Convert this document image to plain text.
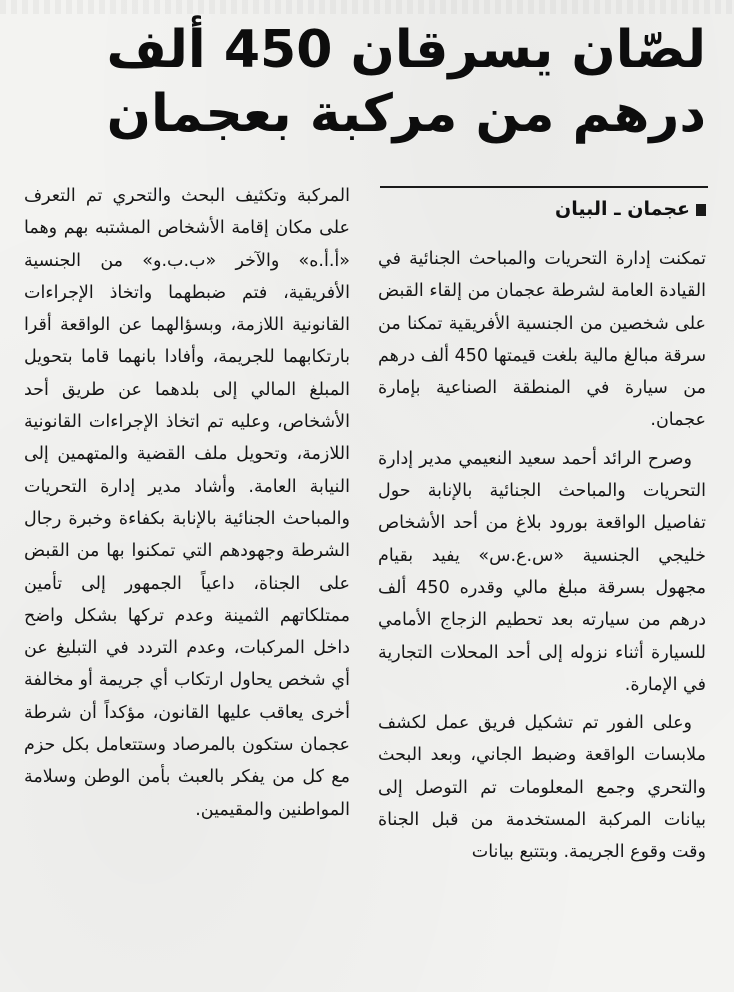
لصّان يسرقان 450 ألف
درهم من مركبة بعجمان
عجمان ـ البيان

تمكنت إدارة التحريات والمباحث الجنائية في القيادة العامة لشرطة عجمان من إلقاء القبض على شخصين من الجنسية الأفريقية تمكنا من سرقة مبالغ مالية بلغت قيمتها 450 ألف درهم من سيارة في المنطقة الصناعية بإمارة عجمان.

وصرح الرائد أحمد سعيد النعيمي مدير إدارة التحريات والمباحث الجنائية بالإنابة حول تفاصيل الواقعة بورود بلاغ من أحد الأشخاص خليجي الجنسية «س.ع.س» يفيد بقيام مجهول بسرقة مبلغ مالي وقدره 450 ألف درهم من سيارته بعد تحطيم الزجاج الأمامي للسيارة أثناء نزوله إلى أحد المحلات التجارية في الإمارة.

وعلى الفور تم تشكيل فريق عمل لكشف ملابسات الواقعة وضبط الجاني، وبعد البحث والتحري وجمع المعلومات تم التوصل إلى بيانات المركبة المستخدمة من قبل الجناة وقت وقوع الجريمة. وبتتبع بيانات

المركبة وتكثيف البحث والتحري تم التعرف على مكان إقامة الأشخاص المشتبه بهم وهما «أ.أ.ه» والآخر «ب.ب.و» من الجنسية الأفريقية، فتم ضبطهما واتخاذ الإجراءات القانونية اللازمة، وبسؤالهما عن الواقعة أقرا بارتكابهما للجريمة، وأفادا بانهما قاما بتحويل المبلغ المالي إلى بلدهما عن طريق أحد الأشخاص، وعليه تم اتخاذ الإجراءات القانونية اللازمة، وتحويل ملف القضية والمتهمين إلى النيابة العامة. وأشاد مدير إدارة التحريات والمباحث الجنائية بالإنابة بكفاءة وخبرة رجال الشرطة وجهودهم التي تمكنوا بها من القبض على الجناة، داعياً الجمهور إلى تأمين ممتلكاتهم الثمينة وعدم تركها بشكل واضح داخل المركبات، وعدم التردد في التبليغ عن أي شخص يحاول ارتكاب أي جريمة أو مخالفة أخرى يعاقب عليها القانون، مؤكداً أن شرطة عجمان ستكون بالمرصاد وستتعامل بكل حزم مع كل من يفكر بالعبث بأمن الوطن وسلامة المواطنين والمقيمين.
